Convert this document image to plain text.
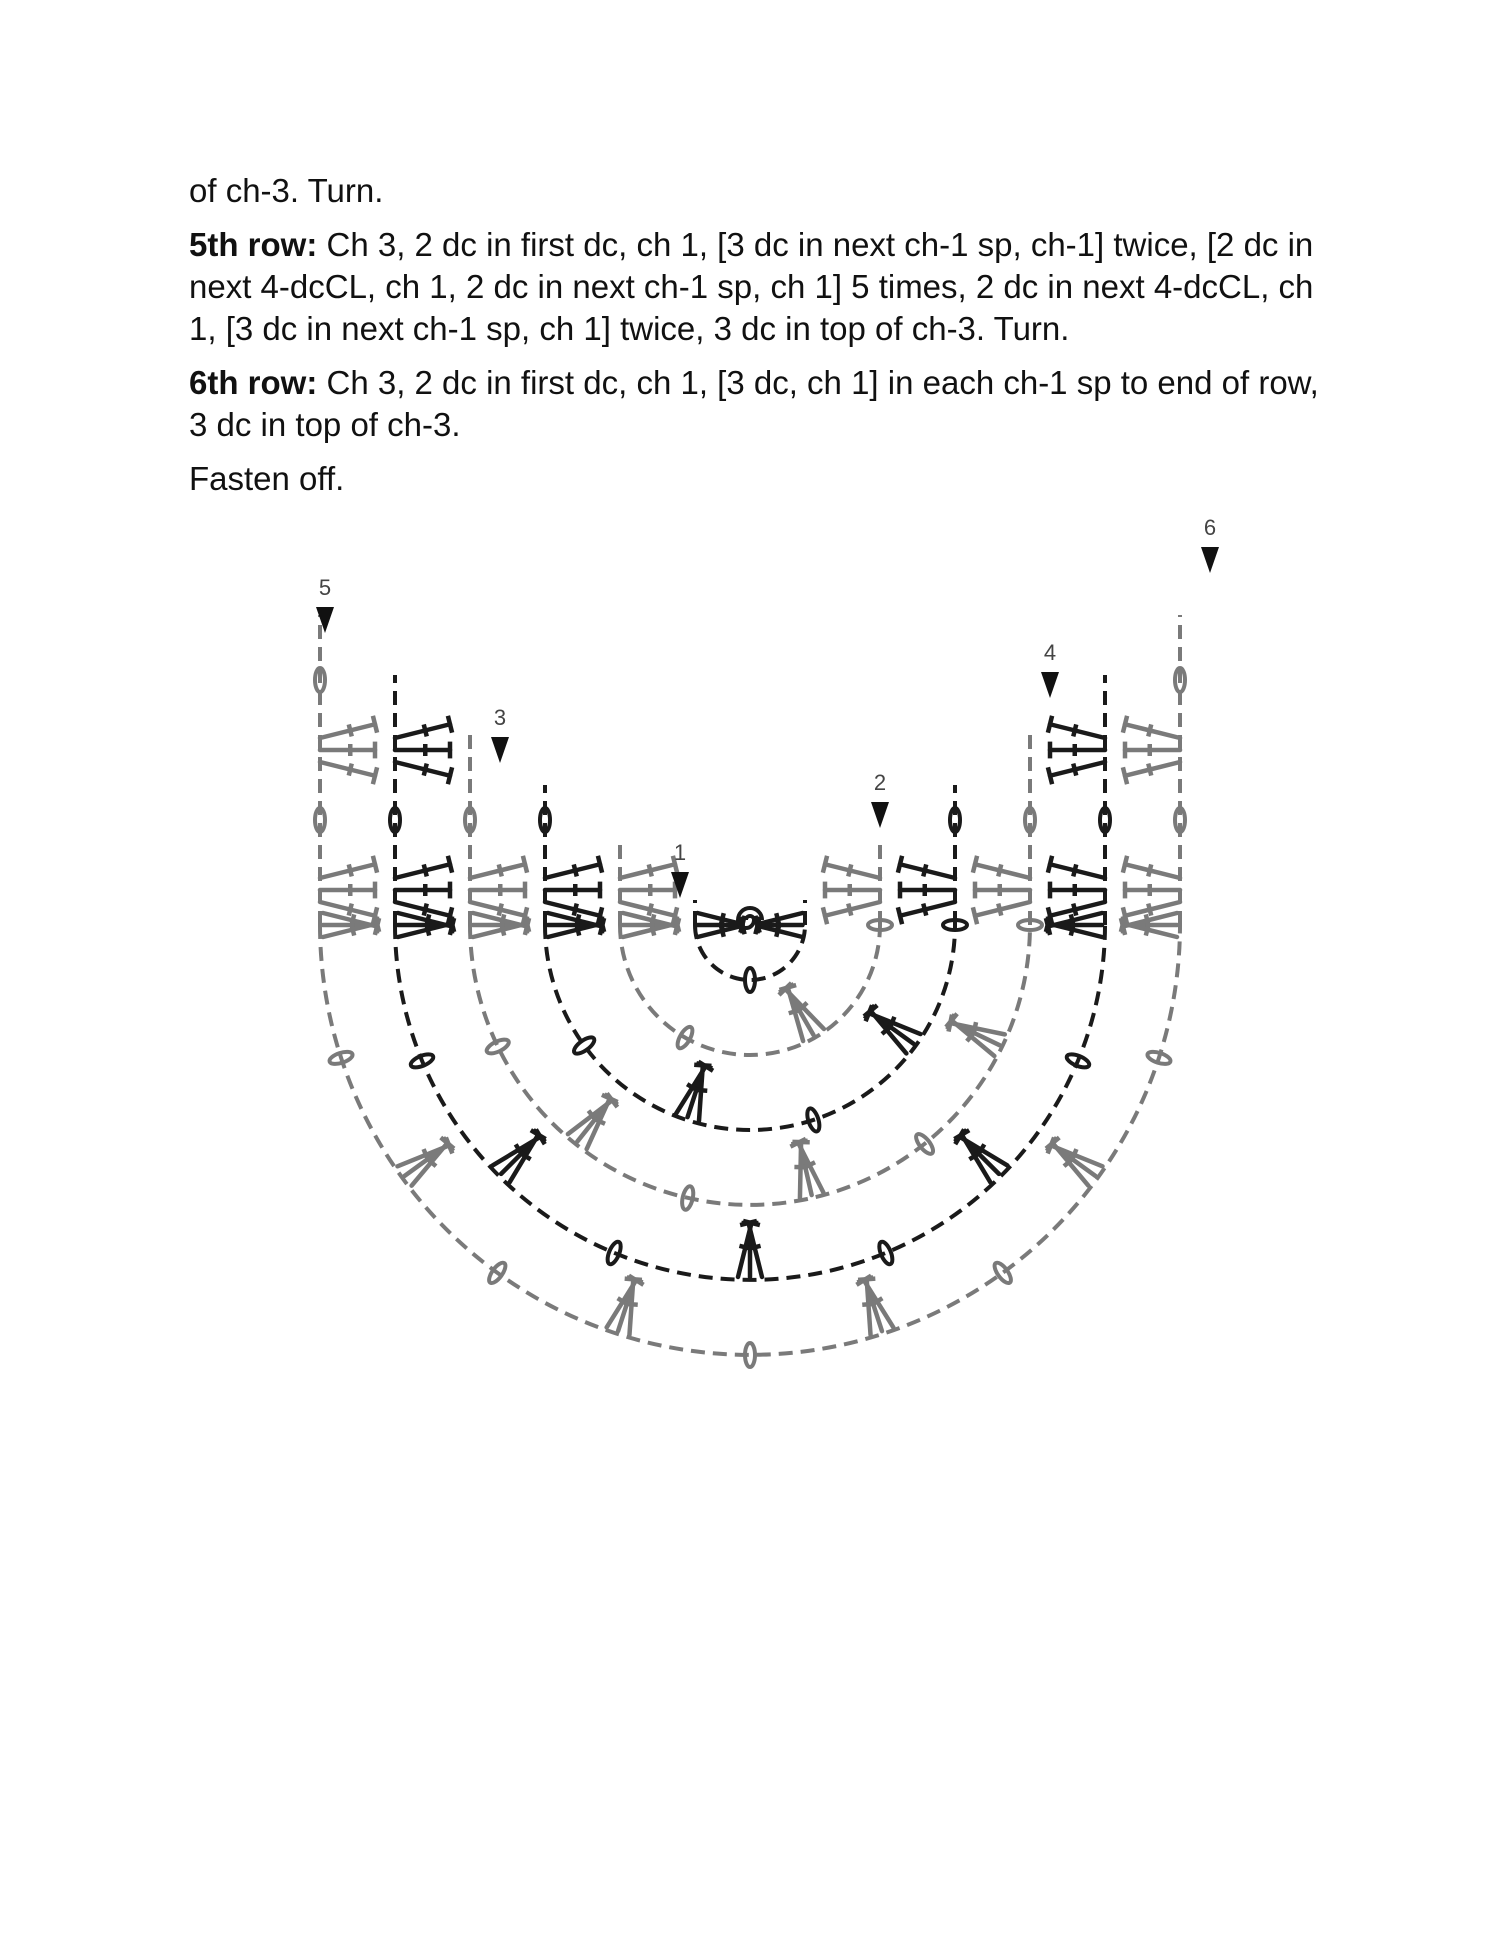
of ch-3. Turn.

5th row: Ch 3, 2 dc in first dc, ch 1, [3 dc in next ch-1 sp, ch-1] twice, [2 dc in next 4-dcCL, ch 1, 2 dc in next ch-1 sp, ch 1] 5 times, 2 dc in next 4-dcCL, ch 1, [3 dc in next ch-1 sp, ch 1] twice, 3 dc in top of ch-3. Turn.

6th row: Ch 3, 2 dc in first dc, ch 1, [3 dc, ch 1] in each ch-1 sp to end of row, 3 dc in top of ch-3.

Fasten off.

1
2
3
4
5
6
